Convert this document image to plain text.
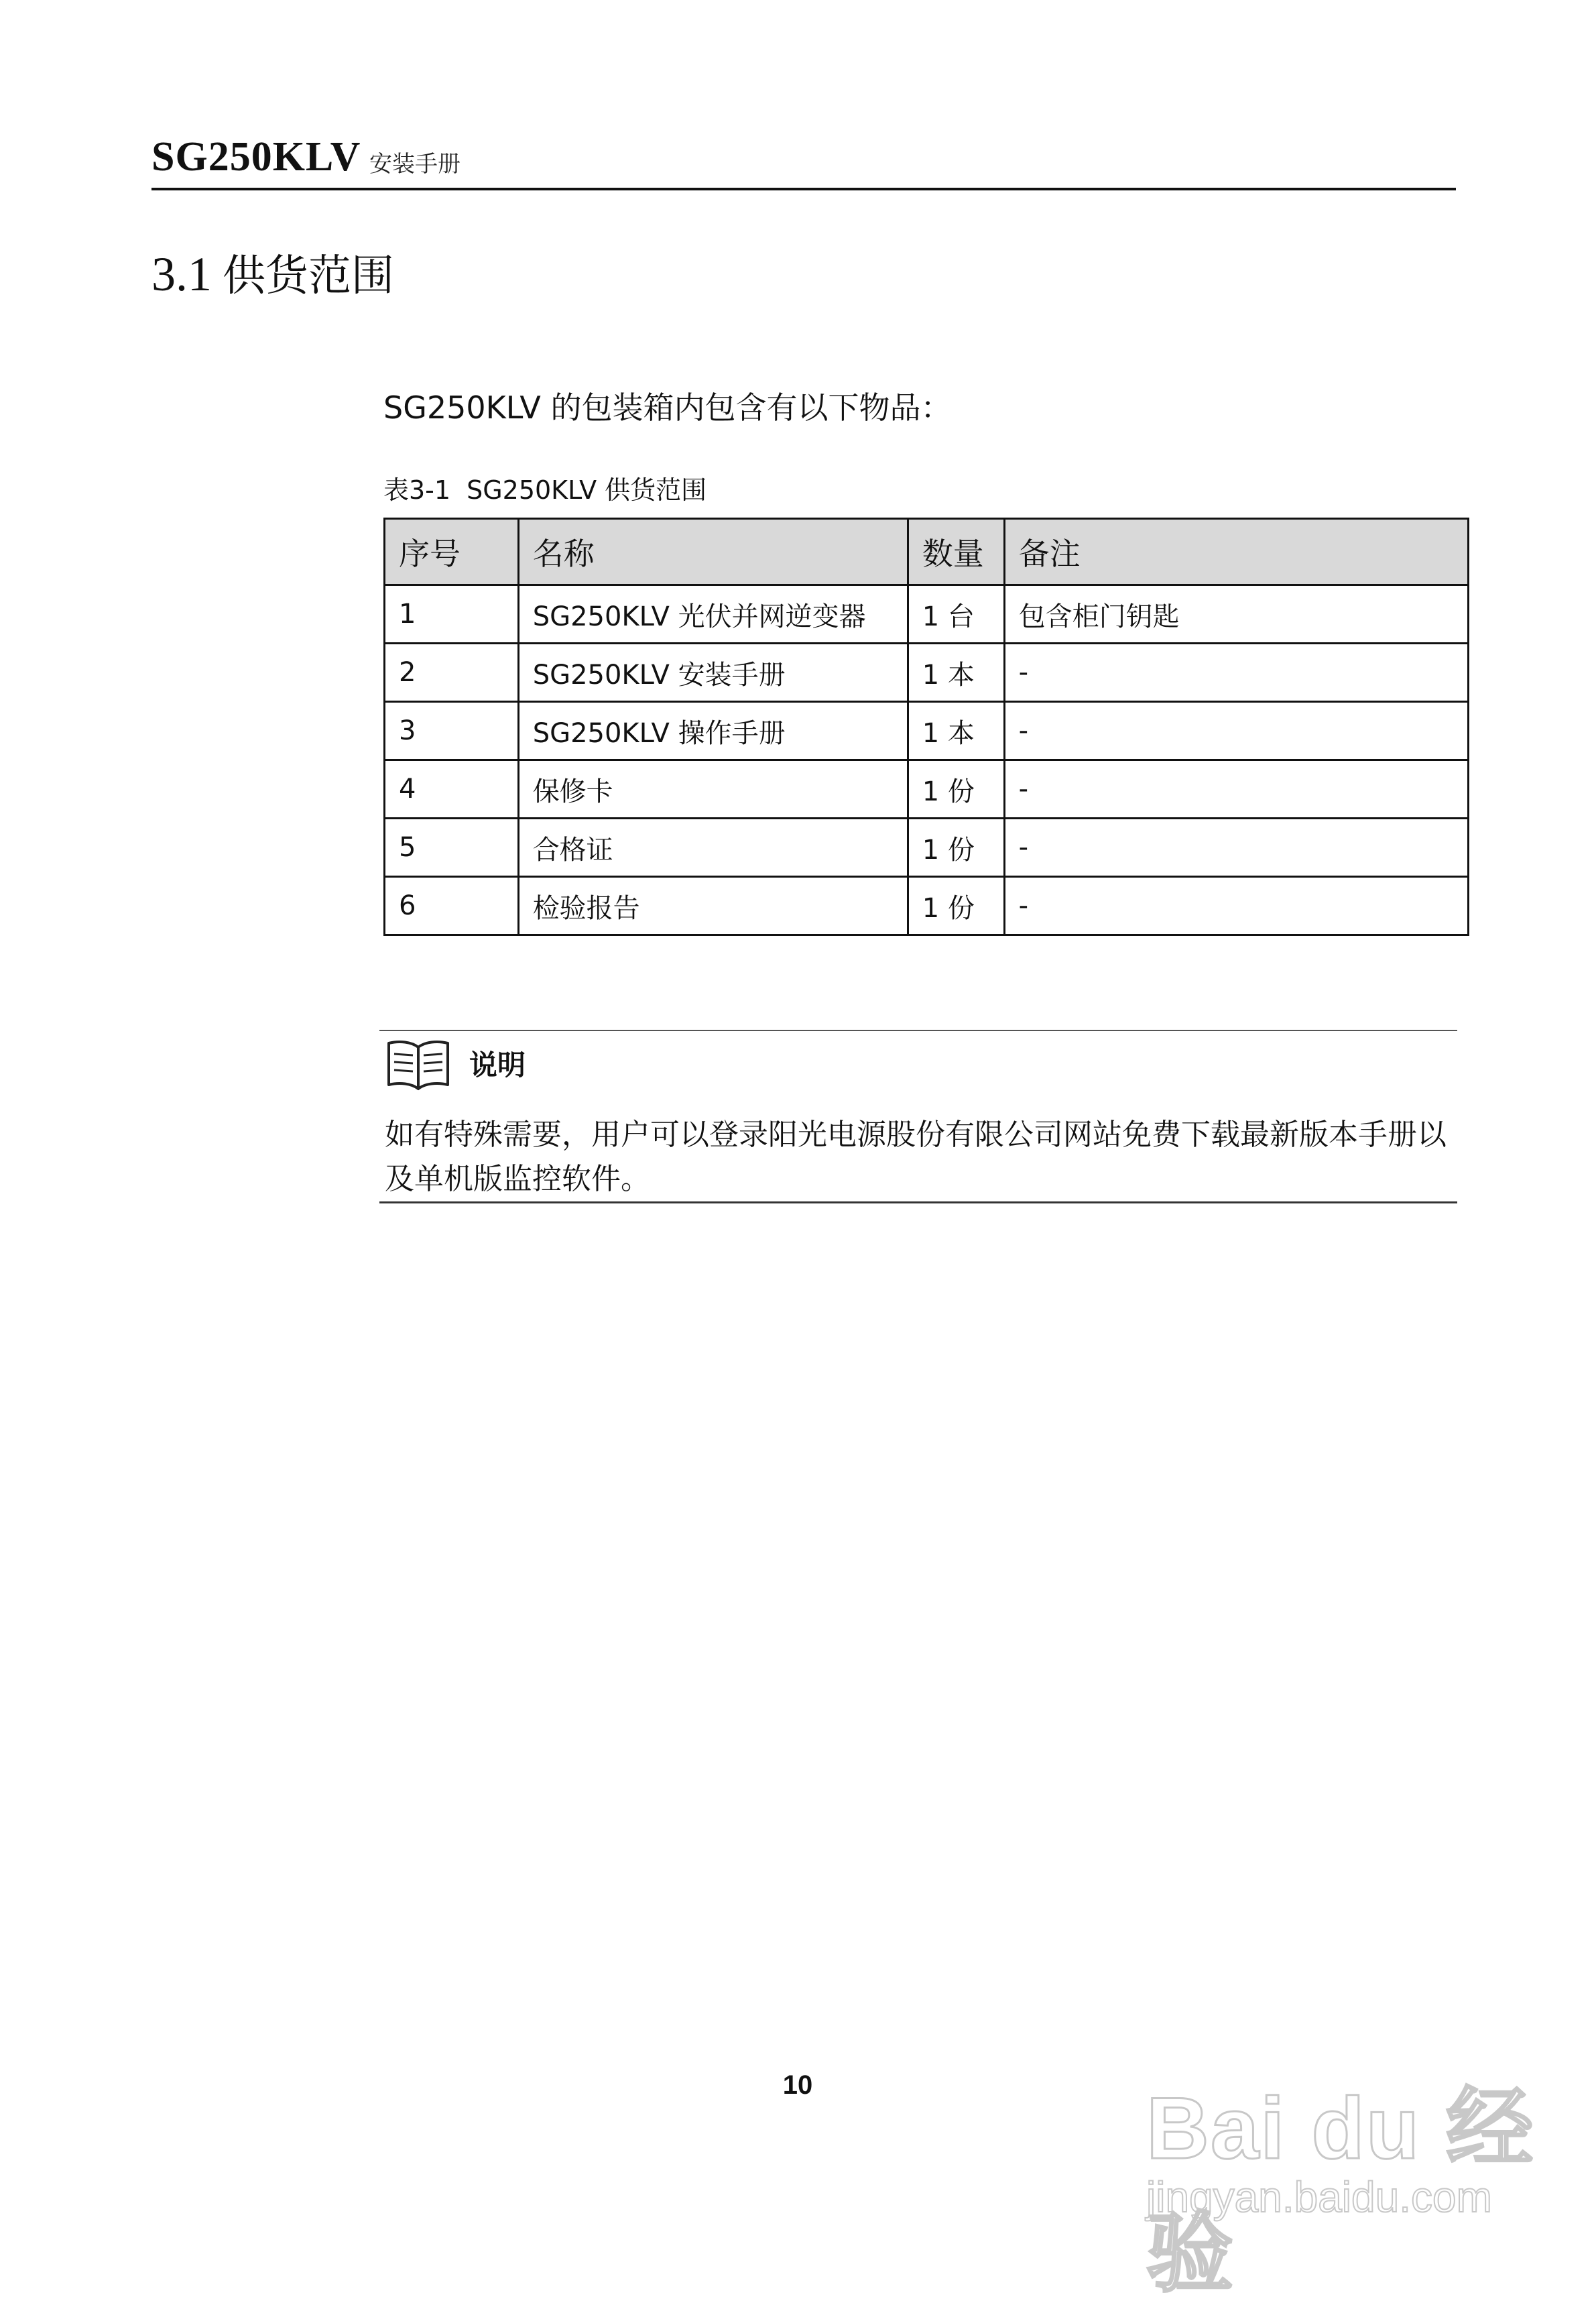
SG250KLV 安装手册
3.1 供货范围
SG250KLV 的包装箱内包含有以下物品：
表3-1 SG250KLV 供货范围
序号	名称	数量	备注
1	SG250KLV 光伏并网逆变器	1 台	包含柜门钥匙
2	SG250KLV 安装手册	1 本	-
3	SG250KLV 操作手册	1 本	-
4	保修卡	1 份	-
5	合格证	1 份	-
6	检验报告	1 份	-
说明
如有特殊需要，用户可以登录阳光电源股份有限公司网站免费下载最新版本手册以及单机版监控软件。
10	Bai du 经验
jingyan.baidu.com
